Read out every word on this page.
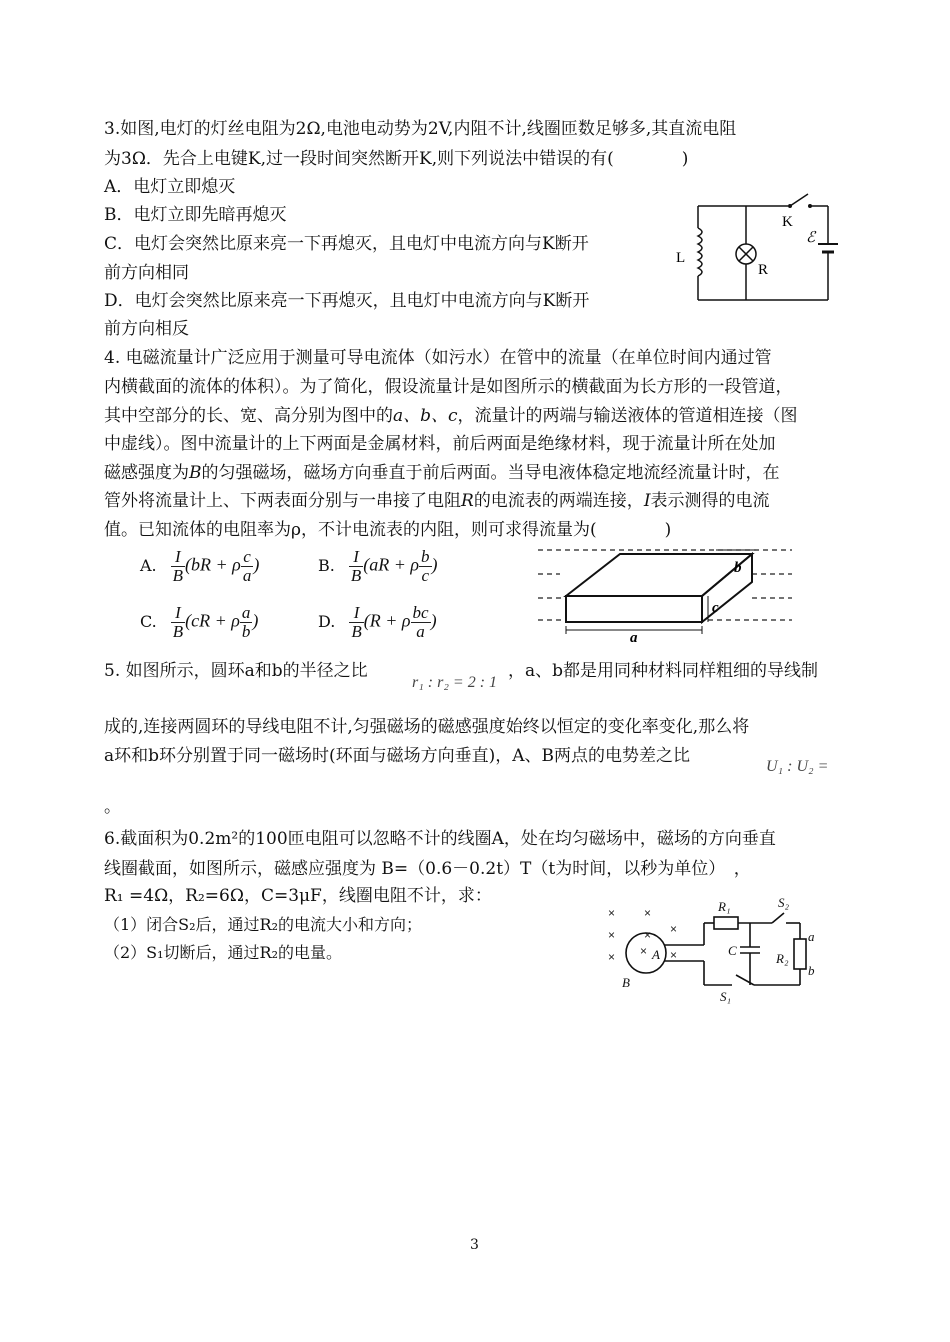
3.如图,电灯的灯丝电阻为2Ω,电池电动势为2V,内阻不计,线圈匝数足够多,其直流电阻
为3Ω．先合上电键K,过一段时间突然断开K,则下列说法中错误的有(　　　　)
A．电灯立即熄灭
B．电灯立即先暗再熄灭
C．电灯会突然比原来亮一下再熄灭，且电灯中电流方向与K断开
前方向相同
D．电灯会突然比原来亮一下再熄灭，且电灯中电流方向与K断开
前方向相反
L
R
K
ℰ
4. 电磁流量计广泛应用于测量可导电流体（如污水）在管中的流量（在单位时间内通过管
内横截面的流体的体积）。为了简化，假设流量计是如图所示的横截面为长方形的一段管道，
其中空部分的长、宽、高分别为图中的a、b、c，流量计的两端与输送液体的管道相连接（图
中虚线）。图中流量计的上下两面是金属材料，前后两面是绝缘材料，现于流量计所在处加
磁感强度为B的匀强磁场，磁场方向垂直于前后两面。当导电液体稳定地流经流量计时，在
管外将流量计上、下两表面分别与一串接了电阻R的电流表的两端连接，I表示测得的电流
值。已知流体的电阻率为ρ，不计电流表的内阻，则可求得流量为(　　　　)
A. $\frac{I}{B} (bR + \rho \frac{c}{a}$ )	B. $\frac{I}{B} (aR + \rho \frac{b}{c}$ )
C. $\frac{I}{B} (cR + \rho \frac{a}{b}$ )	D. $\frac{I}{B} (R + \rho \frac{bc}{a}$ )
a
b
c
5. 如图所示，圆环a和b的半径之比
r₁ : r₂ = 2 : 1
，a、b都是用同种材料同样粗细的导线制
成的,连接两圆环的导线电阻不计,匀强磁场的磁感强度始终以恒定的变化率变化,那么将
a环和b环分别置于同一磁场时(环面与磁场方向垂直)，A、B两点的电势差之比
U₁ : U₂ =
。
6.截面积为0.2m²的100匝电阻可以忽略不计的线圈A，处在均匀磁场中，磁场的方向垂直
线圈截面，如图所示，磁感应强度为 B=（0.6－0.2t）T（t为时间，以秒为单位）　，
R₁ =4Ω，R₂=6Ω，C=3μF，线圈电阻不计，求：
（1）闭合S₂后，通过R₂的电流大小和方向；
（2）S₁切断后，通过R₂的电量。
×
×
×
×
× ×
×
×
R₁	S₂
C
R₂
a
b
S₁
A
B
3
